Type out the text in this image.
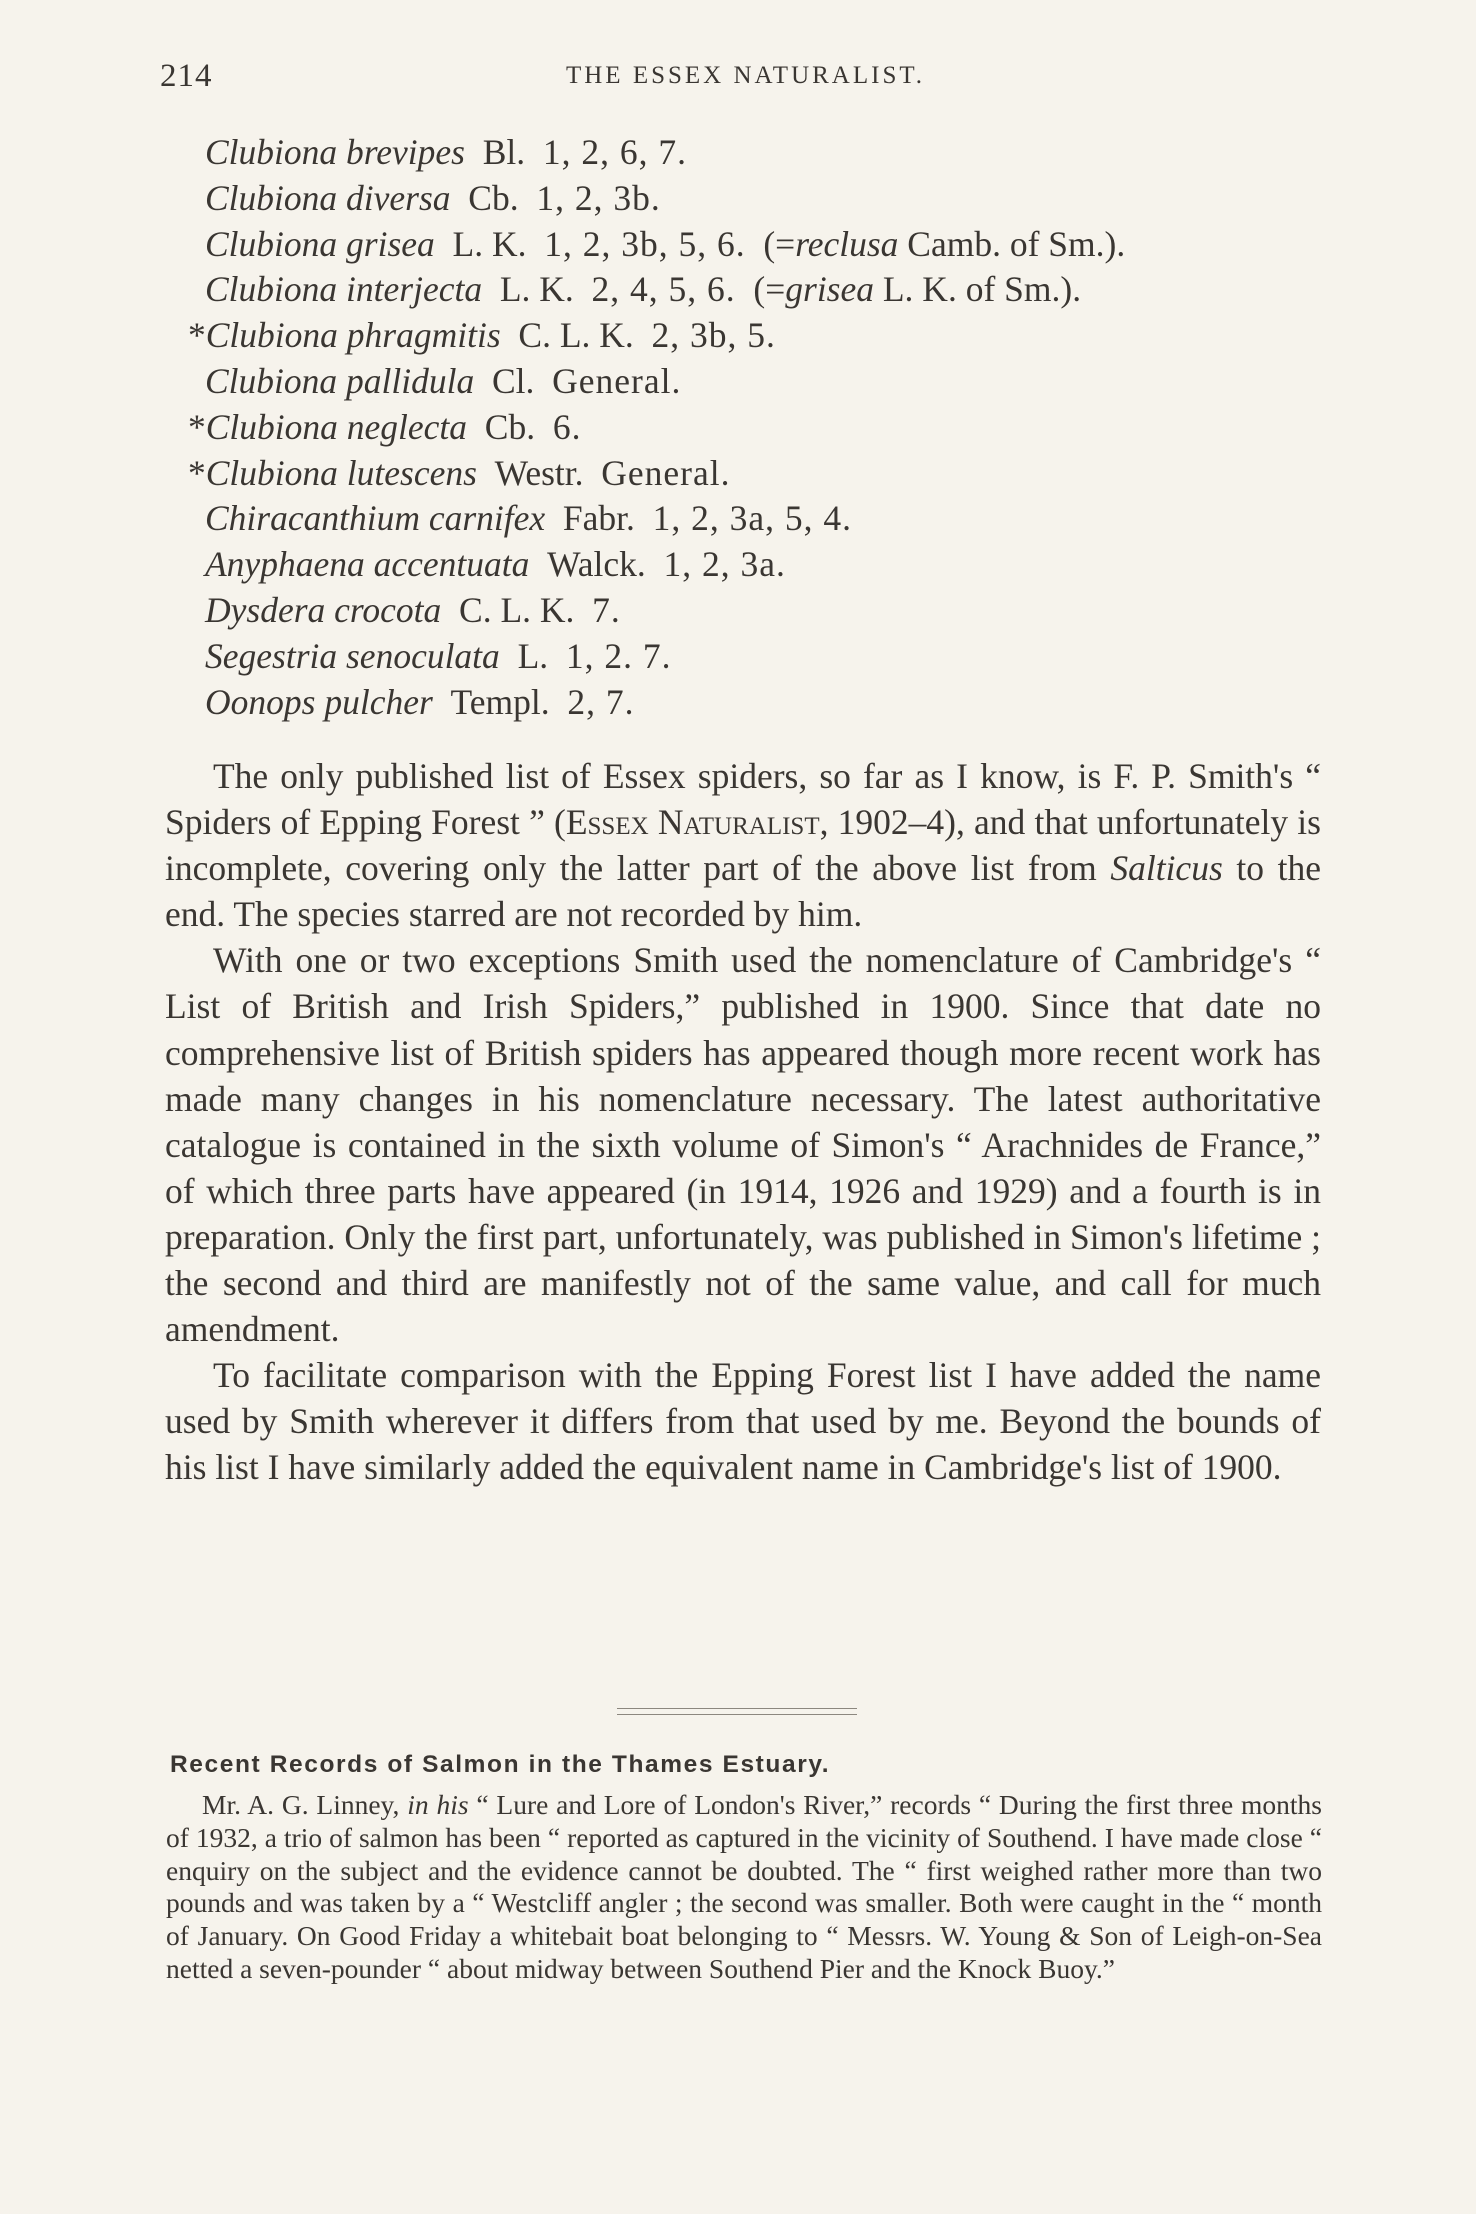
214	THE ESSEX NATURALIST.
Clubiona brevipes Bl. 1, 2, 6, 7.
Clubiona diversa Cb. 1, 2, 3b.
Clubiona grisea L. K. 1, 2, 3b, 5, 6. (=reclusa Camb. of Sm.).
Clubiona interjecta L. K. 2, 4, 5, 6. (=grisea L. K. of Sm.).
*Clubiona phragmitis C. L. K. 2, 3b, 5.
Clubiona pallidula Cl. General.
*Clubiona neglecta Cb. 6.
*Clubiona lutescens Westr. General.
Chiracanthium carnifex Fabr. 1, 2, 3a, 5, 4.
Anyphaena accentuata Walck. 1, 2, 3a.
Dysdera crocota C. L. K. 7.
Segestria senoculata L. 1, 2. 7.
Oonops pulcher Templ. 2, 7.

The only published list of Essex spiders, so far as I know, is F. P. Smith's “ Spiders of Epping Forest ” (Essex Naturalist, 1902–4), and that unfortunately is incomplete, covering only the latter part of the above list from Salticus to the end. The species starred are not recorded by him.

With one or two exceptions Smith used the nomenclature of Cambridge's “ List of British and Irish Spiders,” published in 1900. Since that date no comprehensive list of British spiders has appeared though more recent work has made many changes in his nomenclature necessary. The latest authoritative catalogue is contained in the sixth volume of Simon's “ Arachnides de France,” of which three parts have appeared (in 1914, 1926 and 1929) and a fourth is in preparation. Only the first part, unfortunately, was published in Simon's lifetime ; the second and third are manifestly not of the same value, and call for much amendment.

To facilitate comparison with the Epping Forest list I have added the name used by Smith wherever it differs from that used by me. Beyond the bounds of his list I have similarly added the equivalent name in Cambridge's list of 1900.

Recent Records of Salmon in the Thames Estuary.

Mr. A. G. Linney, in his “ Lure and Lore of London's River,” records “ During the first three months of 1932, a trio of salmon has been “ reported as captured in the vicinity of Southend. I have made close “ enquiry on the subject and the evidence cannot be doubted. The “ first weighed rather more than two pounds and was taken by a “ Westcliff angler ; the second was smaller. Both were caught in the “ month of January. On Good Friday a whitebait boat belonging to “ Messrs. W. Young & Son of Leigh-on-Sea netted a seven-pounder “ about midway between Southend Pier and the Knock Buoy.”
